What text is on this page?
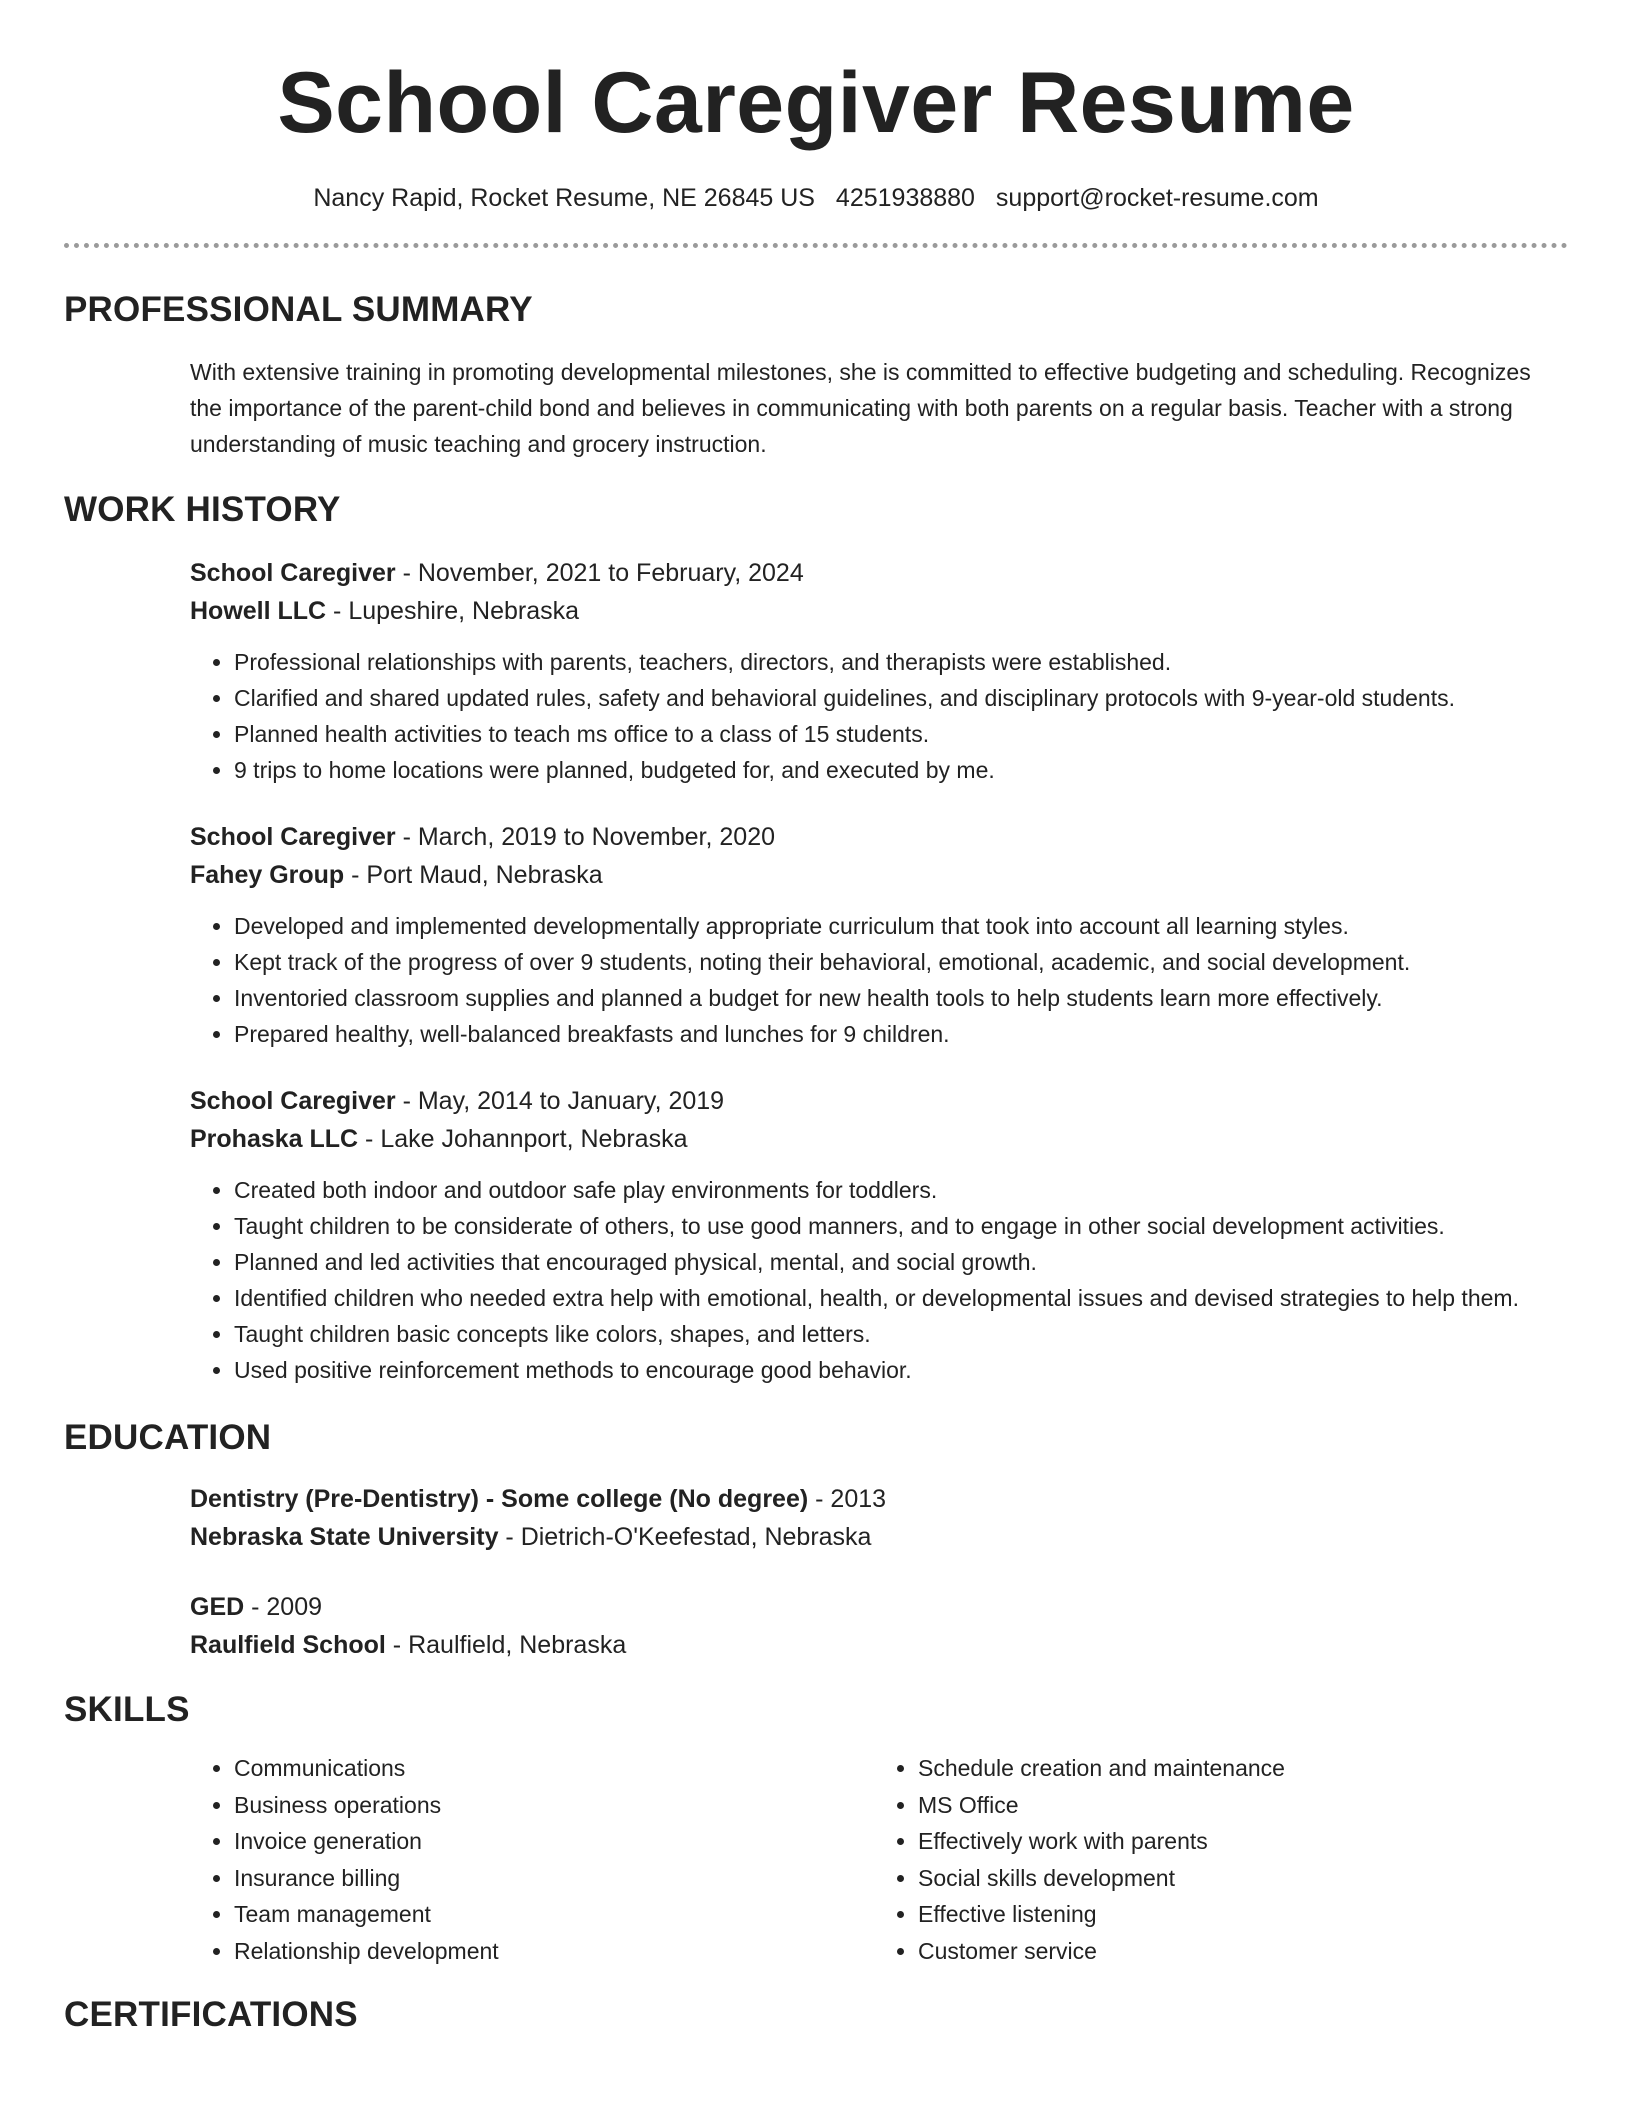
School Caregiver Resume
Nancy Rapid, Rocket Resume, NE 26845 US 4251938880 support@rocket-resume.com
PROFESSIONAL SUMMARY

With extensive training in promoting developmental milestones, she is committed to effective budgeting and scheduling. Recognizes the importance of the parent-child bond and believes in communicating with both parents on a regular basis. Teacher with a strong understanding of music teaching and grocery instruction.

WORK HISTORY
School Caregiver - November, 2021 to February, 2024
Howell LLC - Lupeshire, Nebraska
• Professional relationships with parents, teachers, directors, and therapists were established.
• Clarified and shared updated rules, safety and behavioral guidelines, and disciplinary protocols with 9-year-old students.
• Planned health activities to teach ms office to a class of 15 students.
• 9 trips to home locations were planned, budgeted for, and executed by me.
School Caregiver - March, 2019 to November, 2020
Fahey Group - Port Maud, Nebraska
• Developed and implemented developmentally appropriate curriculum that took into account all learning styles.
• Kept track of the progress of over 9 students, noting their behavioral, emotional, academic, and social development.
• Inventoried classroom supplies and planned a budget for new health tools to help students learn more effectively.
• Prepared healthy, well-balanced breakfasts and lunches for 9 children.
School Caregiver - May, 2014 to January, 2019
Prohaska LLC - Lake Johannport, Nebraska
• Created both indoor and outdoor safe play environments for toddlers.
• Taught children to be considerate of others, to use good manners, and to engage in other social development activities.
• Planned and led activities that encouraged physical, mental, and social growth.
• Identified children who needed extra help with emotional, health, or developmental issues and devised strategies to help them.
• Taught children basic concepts like colors, shapes, and letters.
• Used positive reinforcement methods to encourage good behavior.
EDUCATION
Dentistry (Pre-Dentistry) - Some college (No degree) - 2013
Nebraska State University - Dietrich-O'Keefestad, Nebraska
GED - 2009
Raulfield School - Raulfield, Nebraska
SKILLS
• Communications
• Business operations
• Invoice generation
• Insurance billing
• Team management
• Relationship development
• Schedule creation and maintenance
• MS Office
• Effectively work with parents
• Social skills development
• Effective listening
• Customer service
CERTIFICATIONS
